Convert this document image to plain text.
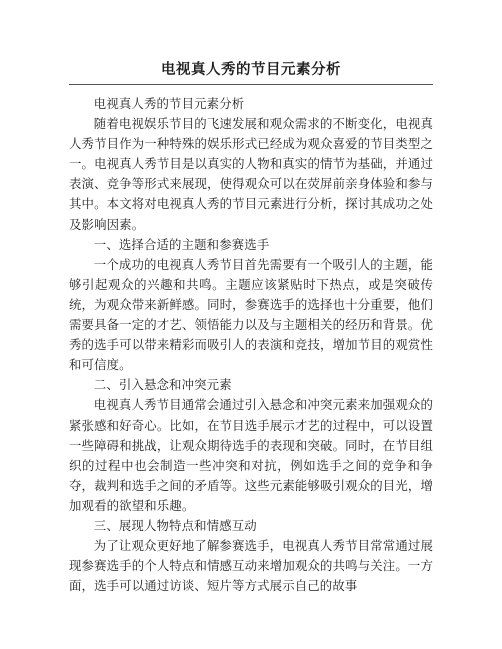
电视真人秀的节目元素分析

电视真人秀的节目元素分析

随着电视娱乐节目的飞速发展和观众需求的不断变化，电视真人秀节目作为一种特殊的娱乐形式已经成为观众喜爱的节目类型之一。电视真人秀节目是以真实的人物和真实的情节为基础，并通过表演、竞争等形式来展现，使得观众可以在荧屏前亲身体验和参与其中。本文将对电视真人秀的节目元素进行分析，探讨其成功之处及影响因素。

一、选择合适的主题和参赛选手

一个成功的电视真人秀节目首先需要有一个吸引人的主题，能够引起观众的兴趣和共鸣。主题应该紧贴时下热点，或是突破传统，为观众带来新鲜感。同时，参赛选手的选择也十分重要，他们需要具备一定的才艺、领悟能力以及与主题相关的经历和背景。优秀的选手可以带来精彩而吸引人的表演和竞技，增加节目的观赏性和可信度。

二、引入悬念和冲突元素

电视真人秀节目通常会通过引入悬念和冲突元素来加强观众的紧张感和好奇心。比如，在节目选手展示才艺的过程中，可以设置一些障碍和挑战，让观众期待选手的表现和突破。同时，在节目组织的过程中也会制造一些冲突和对抗，例如选手之间的竞争和争夺，裁判和选手之间的矛盾等。这些元素能够吸引观众的目光，增加观看的欲望和乐趣。

三、展现人物特点和情感互动

为了让观众更好地了解参赛选手，电视真人秀节目常常通过展现参赛选手的个人特点和情感互动来增加观众的共鸣与关注。一方面，选手可以通过访谈、短片等方式展示自己的故事
